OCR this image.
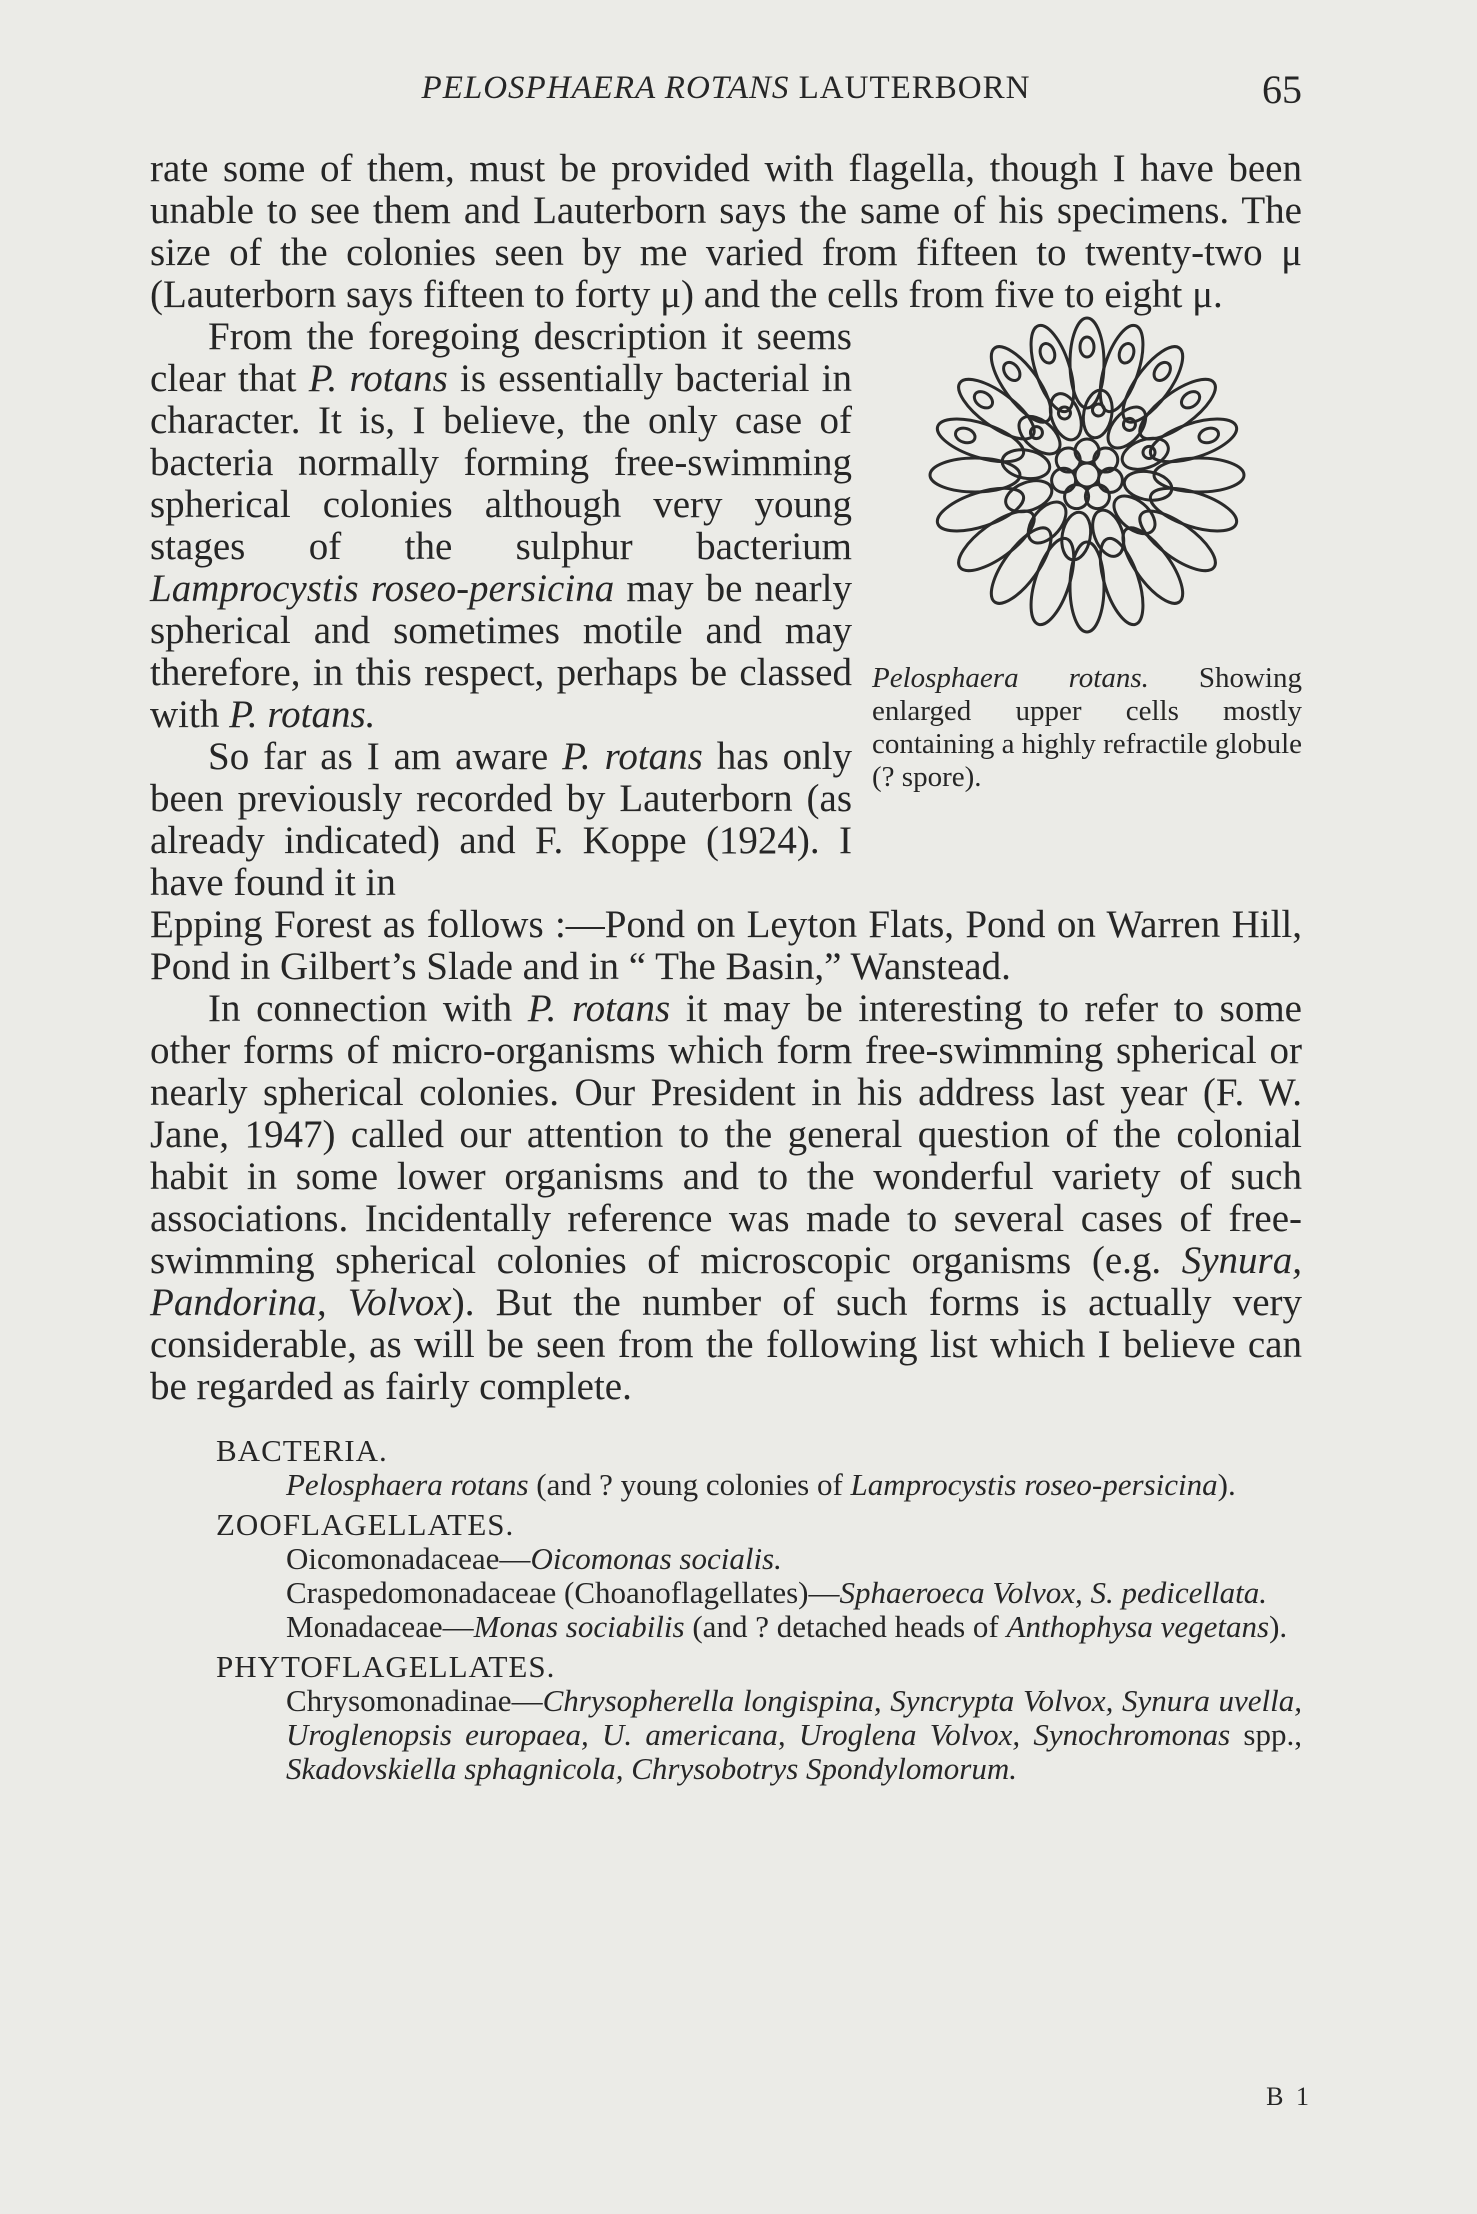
PELOSPHAERA ROTANS LAUTERBORN	65

rate some of them, must be provided with flagella, though I have been unable to see them and Lauterborn says the same of his specimens. The size of the colonies seen by me varied from fifteen to twenty-two μ (Lauterborn says fifteen to forty μ) and the cells from five to eight μ.

Pelosphaera rotans. Showing enlarged upper cells mostly containing a highly refractile globule (? spore).

From the foregoing description it seems clear that P. rotans is essentially bacterial in character. It is, I believe, the only case of bacteria normally forming free-swimming spherical colonies although very young stages of the sulphur bacterium Lamprocystis roseo-persicina may be nearly spherical and sometimes motile and may therefore, in this respect, perhaps be classed with P. rotans.

So far as I am aware P. rotans has only been previously recorded by Lauterborn (as already indicated) and F. Koppe (1924). I have found it in

Epping Forest as follows :—Pond on Leyton Flats, Pond on Warren Hill, Pond in Gilbert’s Slade and in “ The Basin,” Wanstead.

In connection with P. rotans it may be interesting to refer to some other forms of micro-organisms which form free-swimming spherical or nearly spherical colonies. Our President in his address last year (F. W. Jane, 1947) called our attention to the general question of the colonial habit in some lower organisms and to the wonderful variety of such associations. Incidentally reference was made to several cases of free-swimming spherical colonies of microscopic organisms (e.g. Synura, Pandorina, Volvox). But the number of such forms is actually very considerable, as will be seen from the following list which I believe can be regarded as fairly complete.

BACTERIA.
Pelosphaera rotans (and ? young colonies of Lamprocystis roseo-persicina).
ZOOFLAGELLATES.
Oicomonadaceae—Oicomonas socialis.
Craspedomonadaceae (Choanoflagellates)—Sphaeroeca Volvox, S. pedicellata.
Monadaceae—Monas sociabilis (and ? detached heads of Anthophysa vegetans).
PHYTOFLAGELLATES.
Chrysomonadinae—Chrysopherella longispina, Syncrypta Volvox, Synura uvella, Uroglenopsis europaea, U. americana, Uroglena Volvox, Synochromonas spp., Skadovskiella sphagnicola, Chrysobotrys Spondylomorum.
B 1
